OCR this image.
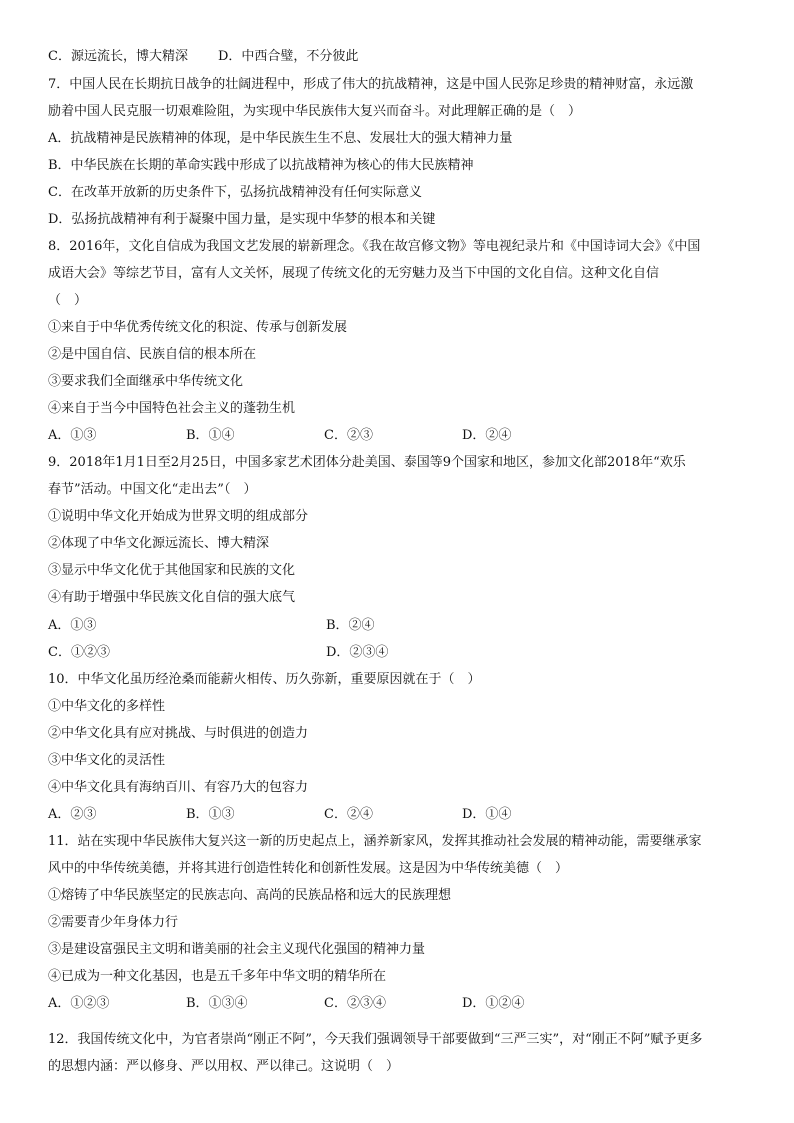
C．源远流长，博大精深	D．中西合璧，不分彼此
7．中国人民在长期抗日战争的壮阔进程中，形成了伟大的抗战精神，这是中国人民弥足珍贵的精神财富，永远激
励着中国人民克服一切艰难险阻，为实现中华民族伟大复兴而奋斗。对此理解正确的是（　）
A．抗战精神是民族精神的体现，是中华民族生生不息、发展壮大的强大精神力量
B．中华民族在长期的革命实践中形成了以抗战精神为核心的伟大民族精神
C．在改革开放新的历史条件下，弘扬抗战精神没有任何实际意义
D．弘扬抗战精神有利于凝聚中国力量，是实现中华梦的根本和关键
8．2016年，文化自信成为我国文艺发展的崭新理念。《我在故宫修文物》等电视纪录片和《中国诗词大会》《中国
成语大会》等综艺节目，富有人文关怀，展现了传统文化的无穷魅力及当下中国的文化自信。这种文化自信
（　）
①来自于中华优秀传统文化的积淀、传承与创新发展
②是中国自信、民族自信的根本所在
③要求我们全面继承中华传统文化
④来自于当今中国特色社会主义的蓬勃生机
A．①③	B．①④	C．②③	D．②④
9．2018年1月1日至2月25日，中国多家艺术团体分赴美国、泰国等9个国家和地区，参加文化部2018年“欢乐
春节”活动。中国文化“走出去”（　）
①说明中华文化开始成为世界文明的组成部分
②体现了中华文化源远流长、博大精深
③显示中华文化优于其他国家和民族的文化
④有助于增强中华民族文化自信的强大底气
A．①③	B．②④
C．①②③	D．②③④
10．中华文化虽历经沧桑而能薪火相传、历久弥新，重要原因就在于（　）
①中华文化的多样性
②中华文化具有应对挑战、与时俱进的创造力
③中华文化的灵活性
④中华文化具有海纳百川、有容乃大的包容力
A．②③	B．①③	C．②④	D．①④
11．站在实现中华民族伟大复兴这一新的历史起点上，涵养新家风，发挥其推动社会发展的精神动能，需要继承家
风中的中华传统美德，并将其进行创造性转化和创新性发展。这是因为中华传统美德（　）
①熔铸了中华民族坚定的民族志向、高尚的民族品格和远大的民族理想
②需要青少年身体力行
③是建设富强民主文明和谐美丽的社会主义现代化强国的精神力量
④已成为一种文化基因，也是五千多年中华文明的精华所在
A．①②③	B．①③④	C．②③④	D．①②④
12．我国传统文化中，为官者崇尚“刚正不阿”，今天我们强调领导干部要做到“三严三实”，对“刚正不阿”赋予更多
的思想内涵：严以修身、严以用权、严以律己。这说明（　）
